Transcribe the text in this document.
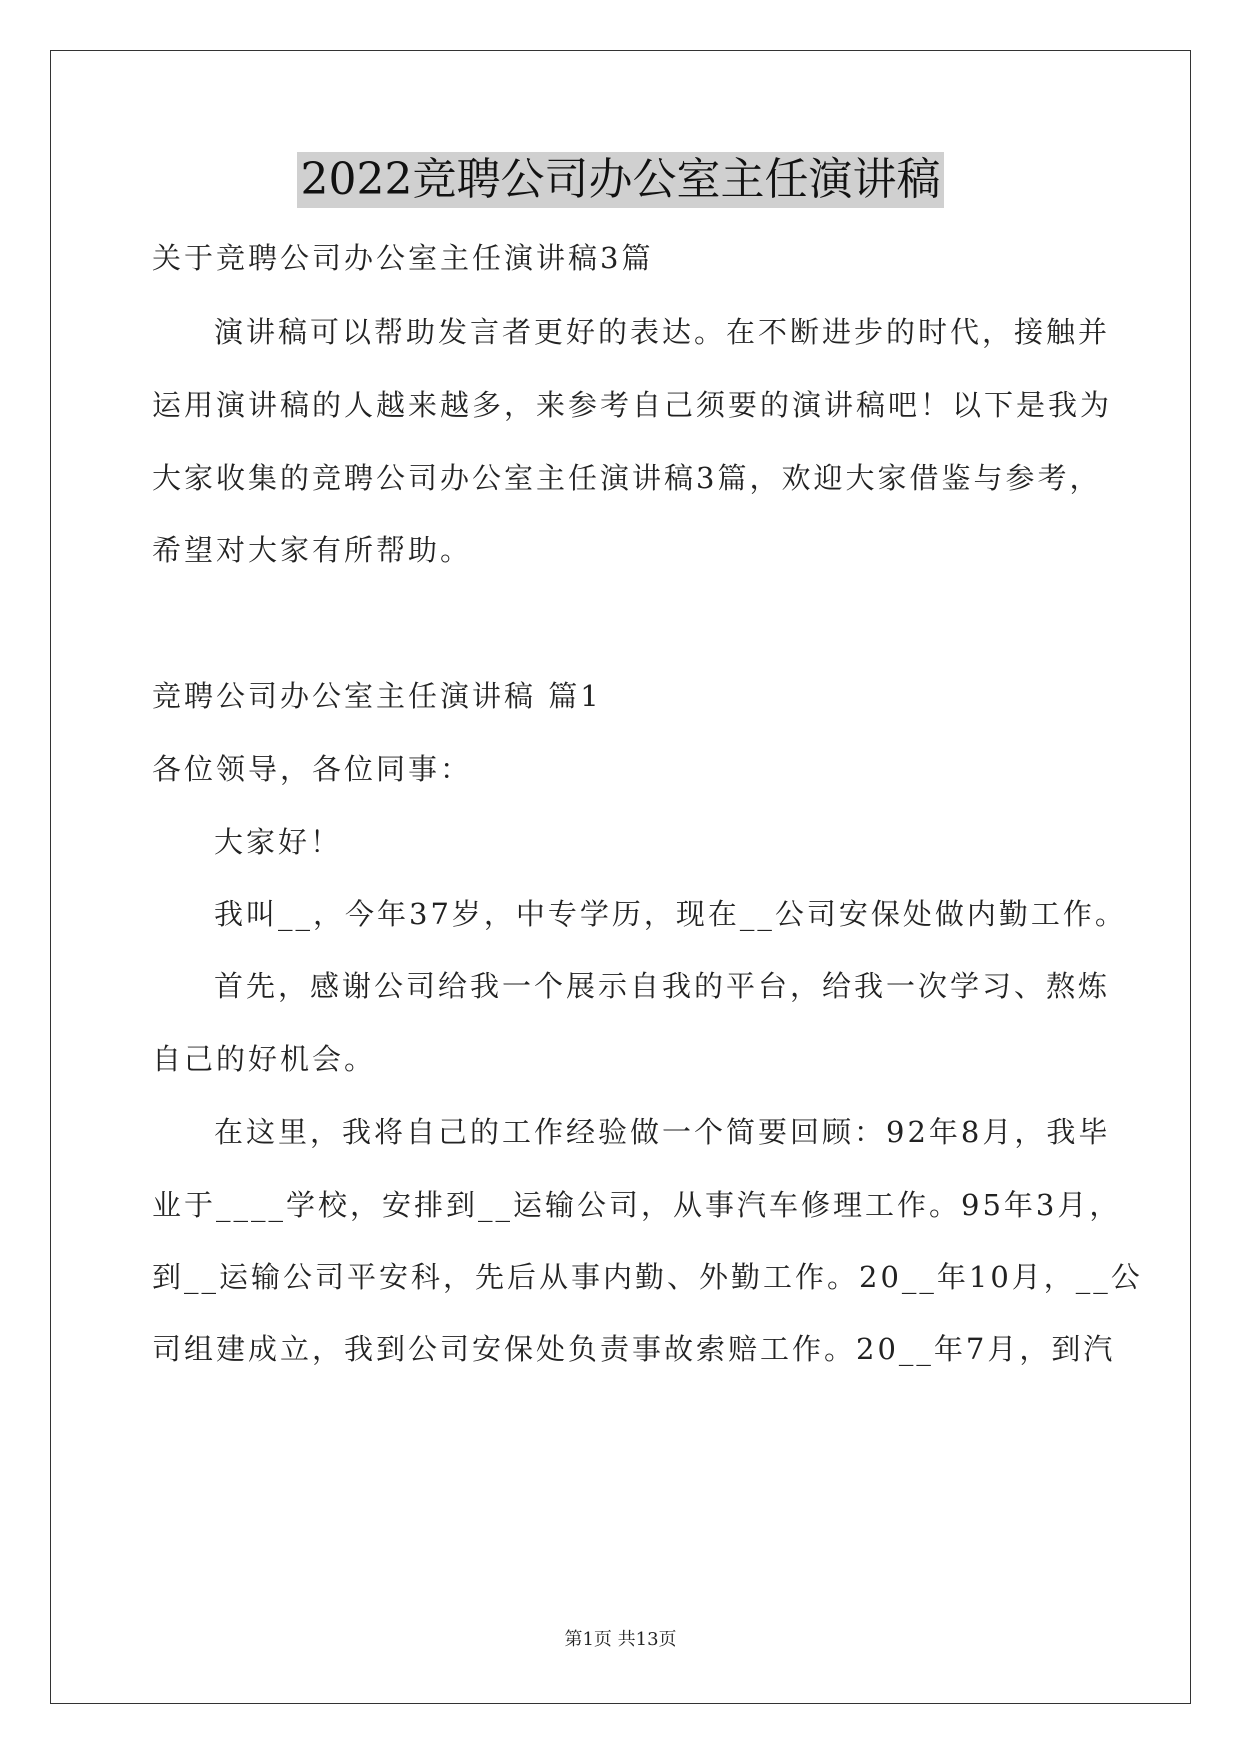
2022竞聘公司办公室主任演讲稿
关于竞聘公司办公室主任演讲稿3篇
演讲稿可以帮助发言者更好的表达。在不断进步的时代，接触并
运用演讲稿的人越来越多，来参考自己须要的演讲稿吧！以下是我为
大家收集的竞聘公司办公室主任演讲稿3篇，欢迎大家借鉴与参考，
希望对大家有所帮助。
竞聘公司办公室主任演讲稿 篇1
各位领导，各位同事：
大家好！
我叫__，今年37岁，中专学历，现在__公司安保处做内勤工作。
首先，感谢公司给我一个展示自我的平台，给我一次学习、熬炼
自己的好机会。
在这里，我将自己的工作经验做一个简要回顾：92年8月，我毕
业于____学校，安排到__运输公司，从事汽车修理工作。95年3月，
到__运输公司平安科，先后从事内勤、外勤工作。20__年10月，__公
司组建成立，我到公司安保处负责事故索赔工作。20__年7月，到汽
第1页 共13页
